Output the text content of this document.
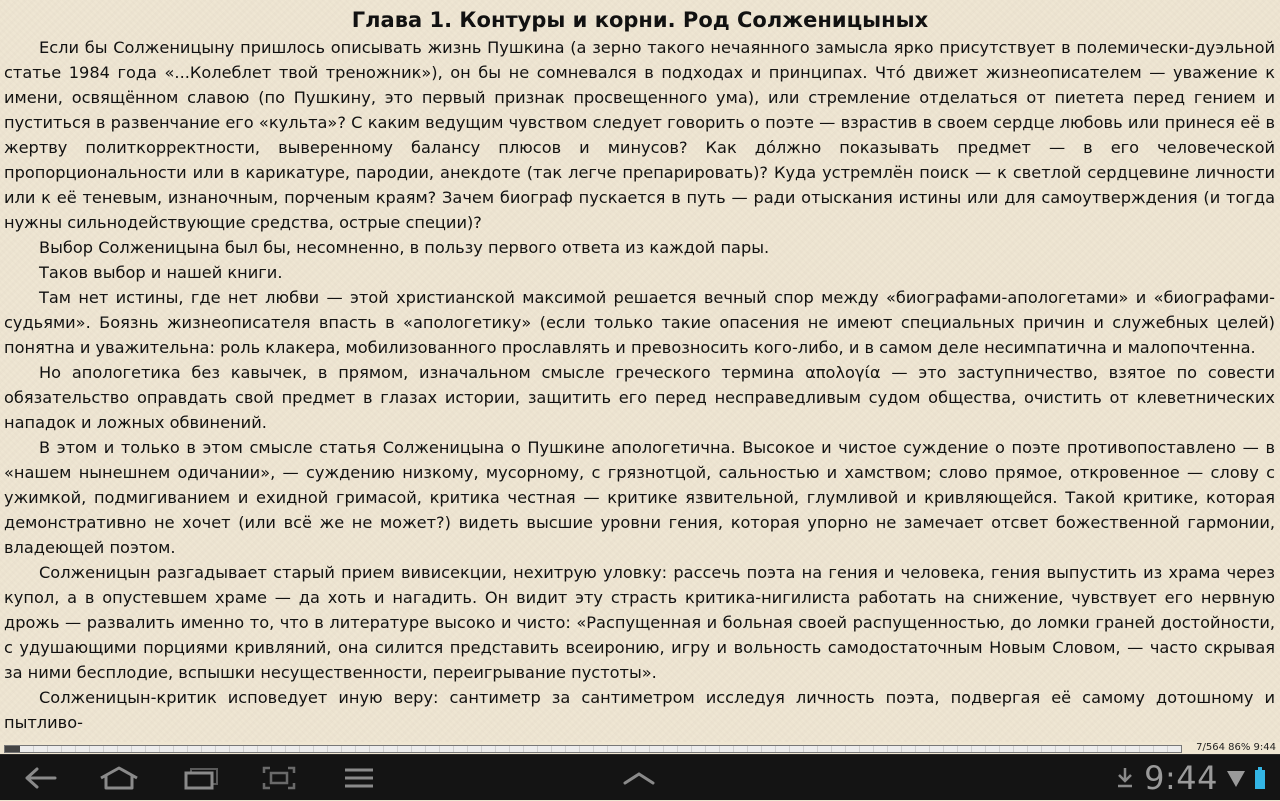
Глава 1. Контуры и корни. Род Солженицыных

Если бы Солженицыну пришлось описывать жизнь Пушкина (а зерно такого нечаянного замысла ярко присутствует в полемически-дуэльной статье 1984 года «...Колеблет твой треножник»), он бы не сомневался в подходах и принципах. Чтó движет жизнеописателем — уважение к имени, освящённом славою (по Пушкину, это первый признак просвещенного ума), или стремление отделаться от пиетета перед гением и пуститься в развенчание его «культа»? С каким ведущим чувством следует говорить о поэте — взрастив в своем сердце любовь или принеся её в жертву политкорректности, выверенному балансу плюсов и минусов? Как дóлжно показывать предмет — в его человеческой пропорциональности или в карикатуре, пародии, анекдоте (так легче препарировать)? Куда устремлён поиск — к светлой сердцевине личности или к её теневым, изнаночным, порченым краям? Зачем биограф пускается в путь — ради отыскания истины или для самоутверждения (и тогда нужны сильнодействующие средства, острые специи)?

Выбор Солженицына был бы, несомненно, в пользу первого ответа из каждой пары.

Таков выбор и нашей книги.

Там нет истины, где нет любви — этой христианской максимой решается вечный спор между «биографами-апологетами» и «биографами-судьями». Боязнь жизнеописателя впасть в «апологетику» (если только такие опасения не имеют специальных причин и служебных целей) понятна и уважительна: роль клакера, мобилизованного прославлять и превозносить кого-либо, и в самом деле несимпатична и малопочтенна.

Но апологетика без кавычек, в прямом, изначальном смысле греческого термина απολογία — это заступничество, взятое по совести обязательство оправдать свой предмет в глазах истории, защитить его перед несправедливым судом общества, очистить от клеветнических нападок и ложных обвинений.

В этом и только в этом смысле статья Солженицына о Пушкине апологетична. Высокое и чистое суждение о поэте противопоставлено — в «нашем нынешнем одичании», — суждению низкому, мусорному, с грязнотцой, сальностью и хамством; слово прямое, откровенное — слову с ужимкой, подмигиванием и ехидной гримасой, критика честная — критике язвительной, глумливой и кривляющейся. Такой критике, которая демонстративно не хочет (или всё же не может?) видеть высшие уровни гения, которая упорно не замечает отсвет божественной гармонии, владеющей поэтом.

Солженицын разгадывает старый прием вивисекции, нехитрую уловку: рассечь поэта на гения и человека, гения выпустить из храма через купол, а в опустевшем храме — да хоть и нагадить. Он видит эту страсть критика-нигилиста работать на снижение, чувствует его нервную дрожь — развалить именно то, что в литературе высоко и чисто: «Распущенная и больная своей распущенностью, до ломки граней достойности, с удушающими порциями кривляний, она силится представить всеиронию, игру и вольность самодостаточным Новым Словом, — часто скрывая за ними бесплодие, вспышки несущественности, переигрывание пустоты».

Солженицын-критик исповедует иную веру: сантиметр за сантиметром исследуя личность поэта, подвергая её самому дотошному и пытливо-

7/564 86% 9:44
9:44
